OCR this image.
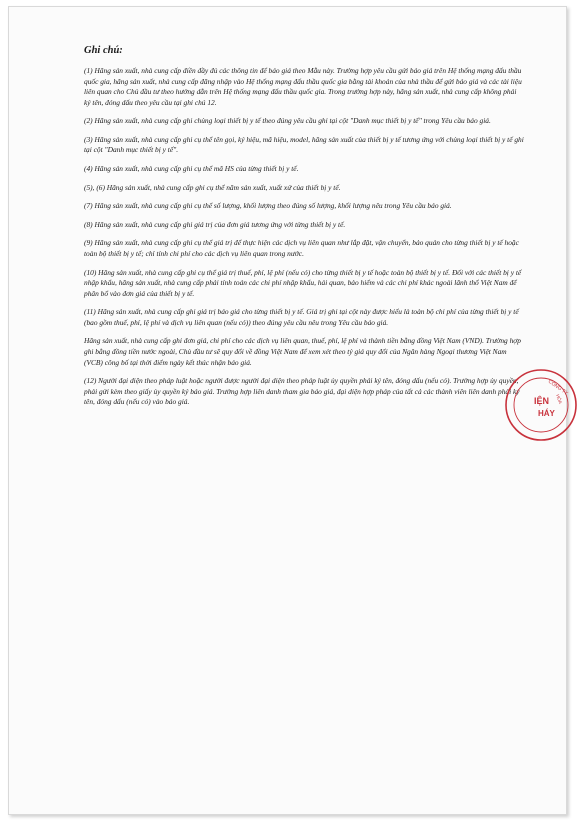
Ghi chú:

(1) Hãng sản xuất, nhà cung cấp điền đầy đủ các thông tin để báo giá theo Mẫu này. Trường hợp yêu cầu gửi báo giá trên Hệ thống mạng đấu thầu quốc gia, hãng sản xuất, nhà cung cấp đăng nhập vào Hệ thống mạng đấu thầu quốc gia bằng tài khoản của nhà thầu để gửi báo giá và các tài liệu liên quan cho Chủ đầu tư theo hướng dẫn trên Hệ thống mạng đấu thầu quốc gia. Trong trường hợp này, hãng sản xuất, nhà cung cấp không phải ký tên, đóng dấu theo yêu cầu tại ghi chú 12.

(2) Hãng sản xuất, nhà cung cấp ghi chủng loại thiết bị y tế theo đúng yêu cầu ghi tại cột "Danh mục thiết bị y tế" trong Yêu cầu báo giá.

(3) Hãng sản xuất, nhà cung cấp ghi cụ thể tên gọi, ký hiệu, mã hiệu, model, hãng sản xuất của thiết bị y tế tương ứng với chủng loại thiết bị y tế ghi tại cột "Danh mục thiết bị y tế".

(4) Hãng sản xuất, nhà cung cấp ghi cụ thể mã HS của từng thiết bị y tế.

(5), (6) Hãng sản xuất, nhà cung cấp ghi cụ thể năm sản xuất, xuất xứ của thiết bị y tế.

(7) Hãng sản xuất, nhà cung cấp ghi cụ thể số lượng, khối lượng theo đúng số lượng, khối lượng nêu trong Yêu cầu báo giá.

(8) Hãng sản xuất, nhà cung cấp ghi giá trị của đơn giá tương ứng với từng thiết bị y tế.

(9) Hãng sản xuất, nhà cung cấp ghi cụ thể giá trị để thực hiện các dịch vụ liên quan như lắp đặt, vận chuyển, bảo quản cho từng thiết bị y tế hoặc toàn bộ thiết bị y tế; chỉ tính chi phí cho các dịch vụ liên quan trong nước.

(10) Hãng sản xuất, nhà cung cấp ghi cụ thể giá trị thuế, phí, lệ phí (nếu có) cho từng thiết bị y tế hoặc toàn bộ thiết bị y tế. Đối với các thiết bị y tế nhập khẩu, hãng sản xuất, nhà cung cấp phải tính toán các chi phí nhập khẩu, hải quan, bảo hiểm và các chi phí khác ngoài lãnh thổ Việt Nam để phân bổ vào đơn giá của thiết bị y tế.

(11) Hãng sản xuất, nhà cung cấp ghi giá trị báo giá cho từng thiết bị y tế. Giá trị ghi tại cột này được hiểu là toàn bộ chi phí của từng thiết bị y tế (bao gồm thuế, phí, lệ phí và dịch vụ liên quan (nếu có)) theo đúng yêu cầu nêu trong Yêu cầu báo giá.

Hãng sản xuất, nhà cung cấp ghi đơn giá, chi phí cho các dịch vụ liên quan, thuế, phí, lệ phí và thành tiền bằng đồng Việt Nam (VND). Trường hợp ghi bằng đồng tiền nước ngoài, Chủ đầu tư sẽ quy đổi về đồng Việt Nam để xem xét theo tỷ giá quy đổi của Ngân hàng Ngoại thương Việt Nam (VCB) công bố tại thời điểm ngày kết thúc nhận báo giá.

(12) Người đại diện theo pháp luật hoặc người được người đại diện theo pháp luật ủy quyền phải ký tên, đóng dấu (nếu có). Trường hợp ủy quyền, phải gửi kèm theo giấy ủy quyền ký báo giá. Trường hợp liên danh tham gia báo giá, đại diện hợp pháp của tất cả các thành viên liên danh phải ký tên, đóng dấu (nếu có) vào báo giá.

CÔNG TY
HÓA
IỆN
HÁY
